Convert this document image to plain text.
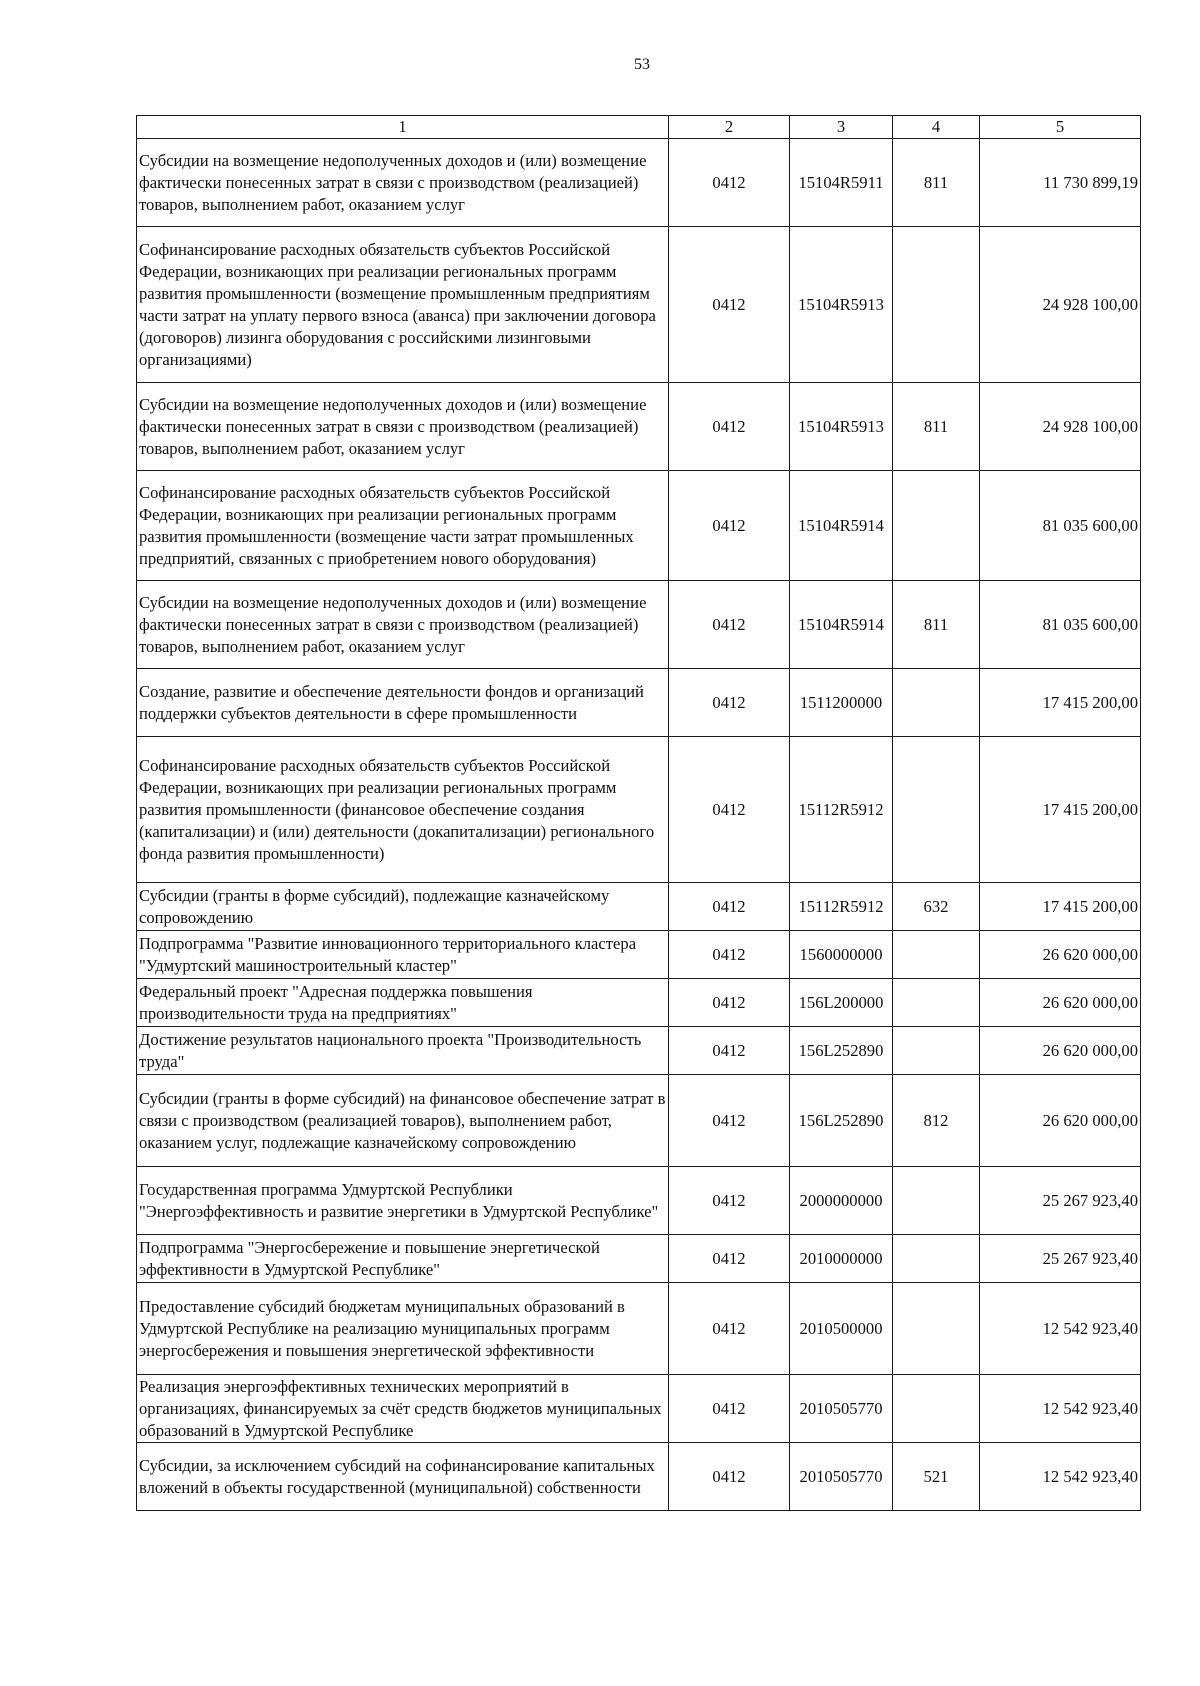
53
1	2	3	4	5
Субсидии на возмещение недополученных доходов и (или) возмещение фактически понесенных затрат в связи с производством (реализацией) товаров, выполнением работ, оказанием услуг	0412	15104R5911	811	11 730 899,19
Софинансирование расходных обязательств субъектов Российской Федерации, возникающих при реализации региональных программ развития промышленности (возмещение промышленным предприятиям части затрат на уплату первого взноса (аванса) при заключении договора (договоров) лизинга оборудования с российскими лизинговыми организациями)	0412	15104R5913		24 928 100,00
Субсидии на возмещение недополученных доходов и (или) возмещение фактически понесенных затрат в связи с производством (реализацией) товаров, выполнением работ, оказанием услуг	0412	15104R5913	811	24 928 100,00
Софинансирование расходных обязательств субъектов Российской Федерации, возникающих при реализации региональных программ развития промышленности (возмещение части затрат промышленных предприятий, связанных с приобретением нового оборудования)	0412	15104R5914		81 035 600,00
Субсидии на возмещение недополученных доходов и (или) возмещение фактически понесенных затрат в связи с производством (реализацией) товаров, выполнением работ, оказанием услуг	0412	15104R5914	811	81 035 600,00
Создание, развитие и обеспечение деятельности фондов и организаций поддержки субъектов деятельности в сфере промышленности	0412	1511200000		17 415 200,00
Софинансирование расходных обязательств субъектов Российской Федерации, возникающих при реализации региональных программ развития промышленности (финансовое обеспечение создания (капитализации) и (или) деятельности (докапитализации) регионального фонда развития промышленности)	0412	15112R5912		17 415 200,00
Субсидии (гранты в форме субсидий), подлежащие казначейскому сопровождению	0412	15112R5912	632	17 415 200,00
Подпрограмма "Развитие инновационного территориального кластера "Удмуртский машиностроительный кластер"	0412	1560000000		26 620 000,00
Федеральный проект "Адресная поддержка повышения производительности труда на предприятиях"	0412	156L200000		26 620 000,00
Достижение результатов национального проекта "Производительность труда"	0412	156L252890		26 620 000,00
Субсидии (гранты в форме субсидий) на финансовое обеспечение затрат в связи с производством (реализацией товаров), выполнением работ, оказанием услуг, подлежащие казначейскому сопровождению	0412	156L252890	812	26 620 000,00
Государственная программа Удмуртской Республики "Энергоэффективность и развитие энергетики в Удмуртской Республике"	0412	2000000000		25 267 923,40
Подпрограмма "Энергосбережение и повышение энергетической эффективности в Удмуртской Республике"	0412	2010000000		25 267 923,40
Предоставление субсидий бюджетам муниципальных образований в Удмуртской Республике на реализацию муниципальных программ энергосбережения и повышения энергетической эффективности	0412	2010500000		12 542 923,40
Реализация энергоэффективных технических мероприятий в организациях, финансируемых за счёт средств бюджетов муниципальных образований в Удмуртской Республике	0412	2010505770		12 542 923,40
Субсидии, за исключением субсидий на софинансирование капитальных вложений в объекты государственной (муниципальной) собственности	0412	2010505770	521	12 542 923,40
